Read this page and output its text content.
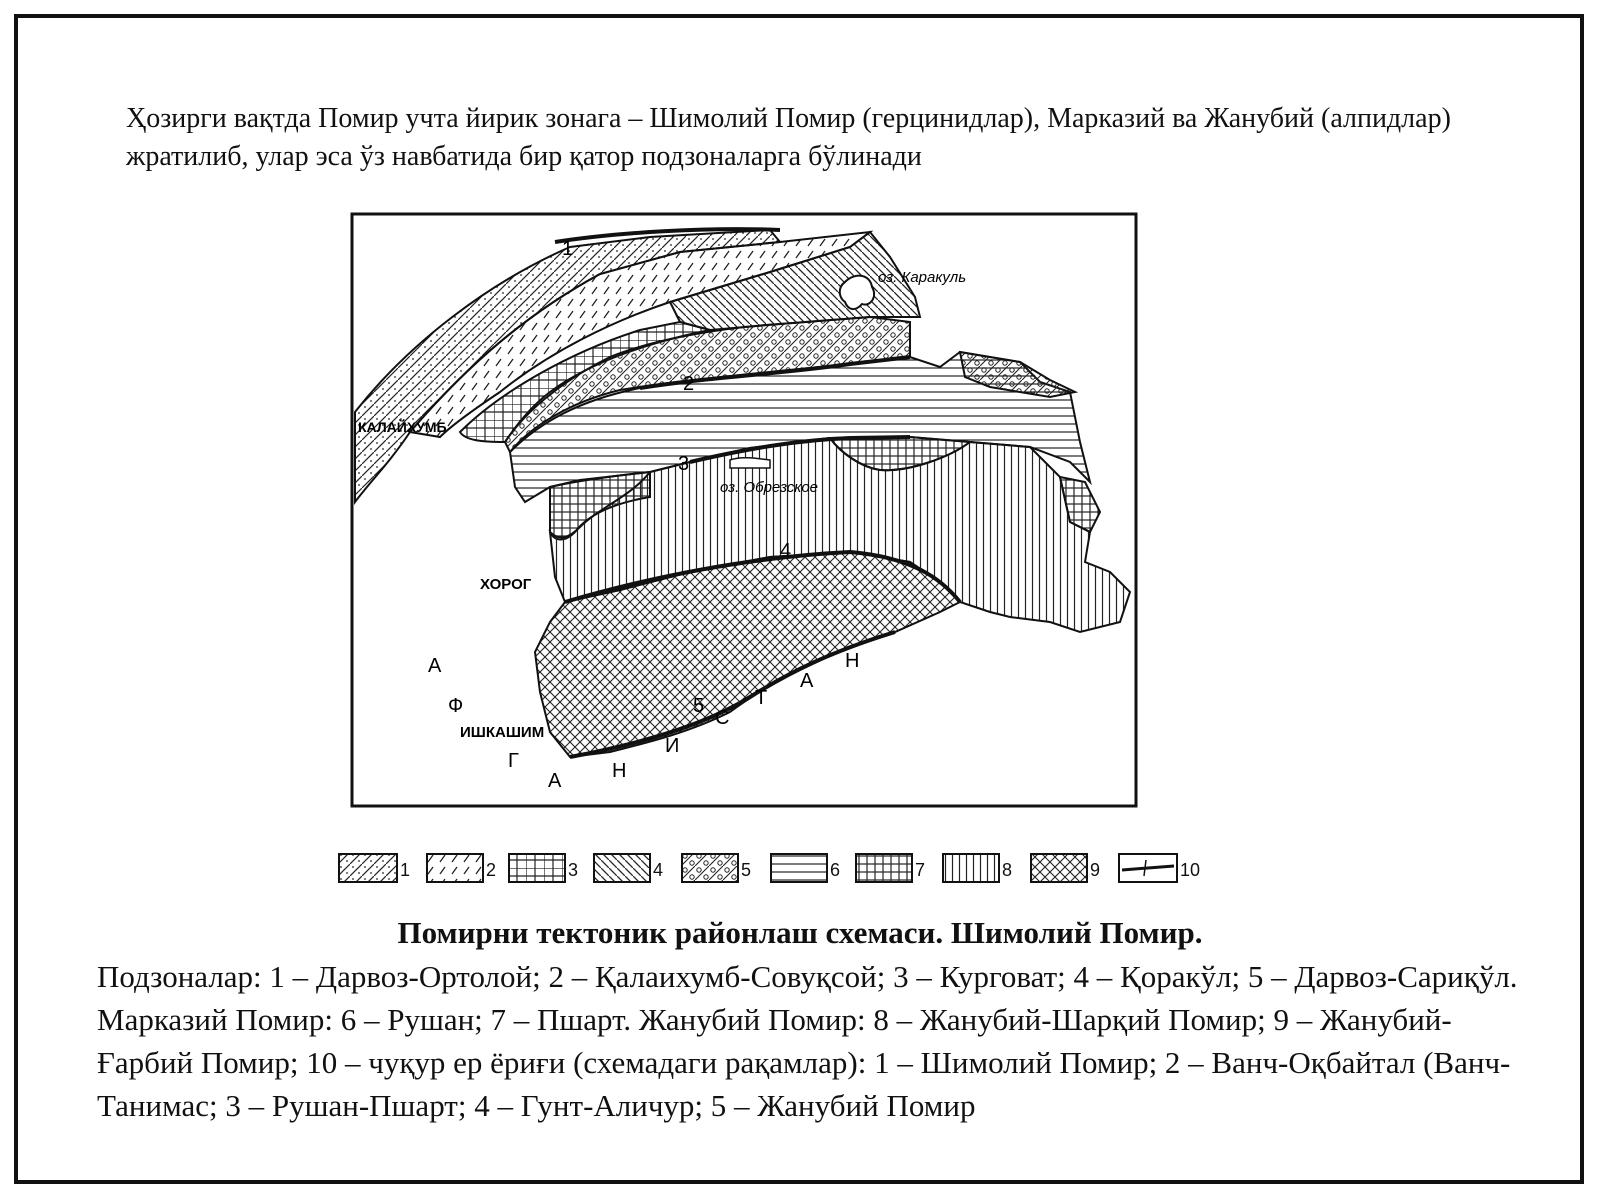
Ҳозирги вақтда Помир учта йирик зонага – Шимолий Помир (герцинидлар), Марказий ва Жанубий (алпидлар) жратилиб, улар эса ўз навбатида бир қатор подзоналарга бўлинади
1
2
3
4
5
оз. Каракуль
оз. Обрезское
КАЛАЙХУМБ
ХОРОГ
ИШКАШИМ
А
Ф
Г
А	Н
И
С
Т
А
Н
1	2	3	4	5	6	7	8	9	10
Помирни тектоник районлаш схемаси. Шимолий Помир.
Подзоналар: 1 – Дарвоз-Ортолой; 2 – Қалаихумб-Совуқсой; 3 – Курговат; 4 – Қоракўл; 5 – Дарвоз-Сариқўл. Марказий Помир: 6 – Рушан; 7 – Пшарт. Жанубий Помир: 8 – Жанубий-Шарқий Помир; 9 – Жанубий-Ғарбий Помир; 10 – чуқур ер ёриғи (схемадаги рақамлар): 1 – Шимолий Помир; 2 – Ванч-Оқбайтал (Ванч-Танимас; 3 – Рушан-Пшарт; 4 – Гунт-Аличур; 5 – Жанубий Помир
